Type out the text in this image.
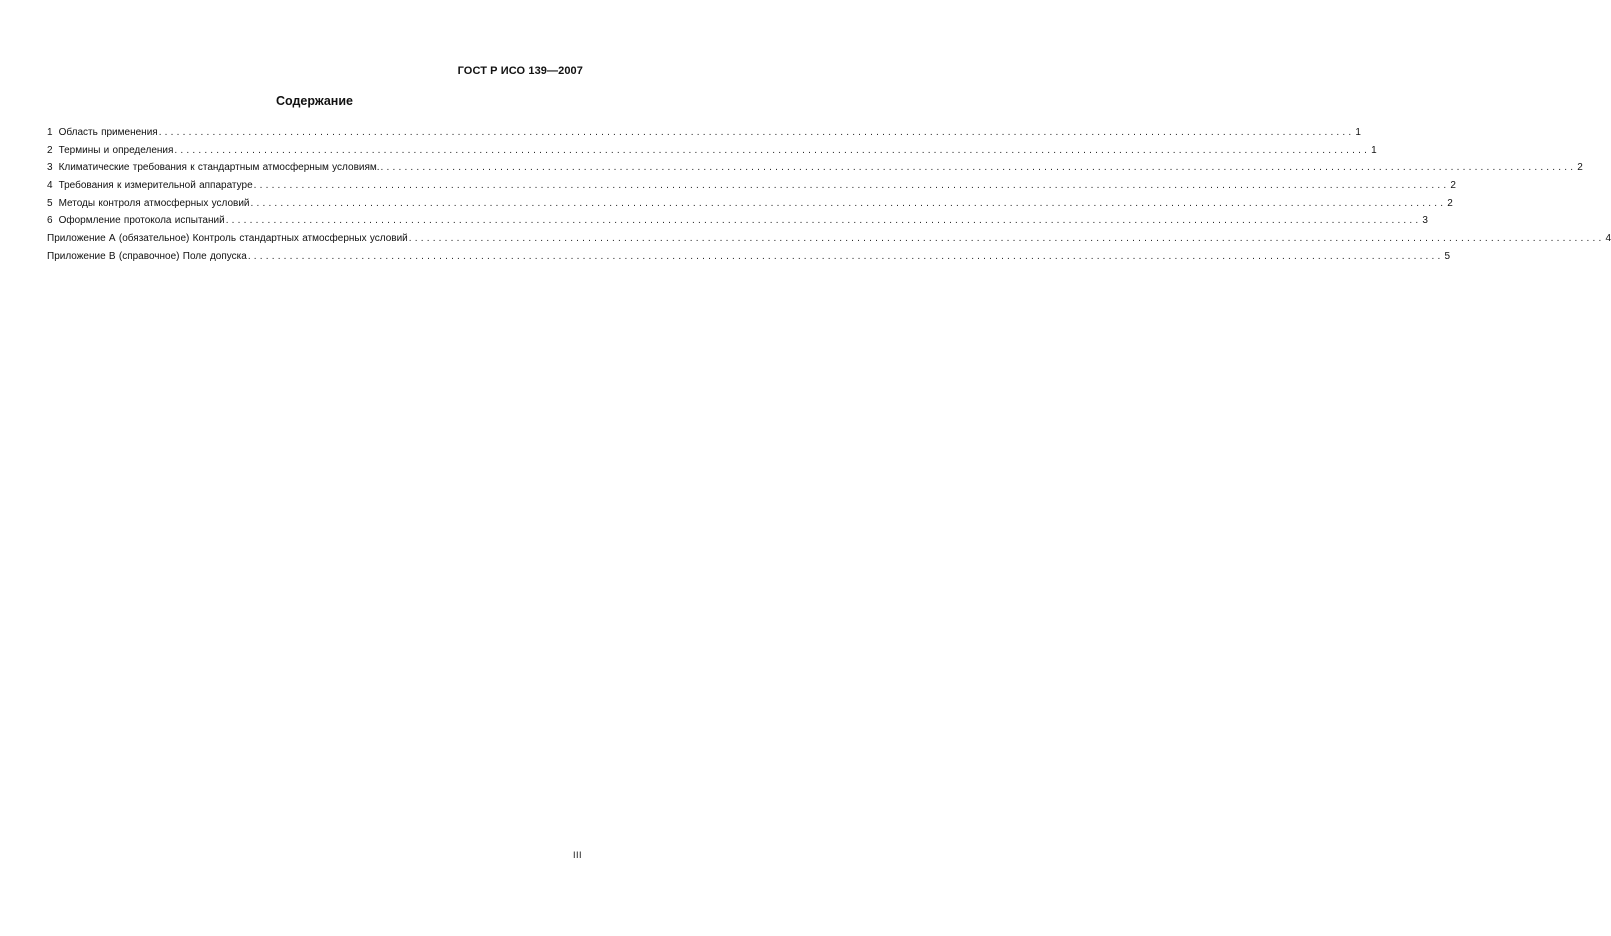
ГОСТ Р ИСО 139—2007
Содержание
1 Область применения ........................................................................................................................................................................................................ 1
2 Термины и определения ........................................................................................................................................................................................................ 1
3 Климатические требования к стандартным атмосферным условиям. ........................................................................................................................................................................................................ 2
4 Требования к измерительной аппаратуре ........................................................................................................................................................................................................ 2
5 Методы контроля атмосферных условий ........................................................................................................................................................................................................ 2
6 Оформление протокола испытаний ........................................................................................................................................................................................................ 3
Приложение А (обязательное) Контроль стандартных атмосферных условий ........................................................................................................................................................................................................ 4
Приложение В (справочное) Поле допуска ........................................................................................................................................................................................................ 5
III
